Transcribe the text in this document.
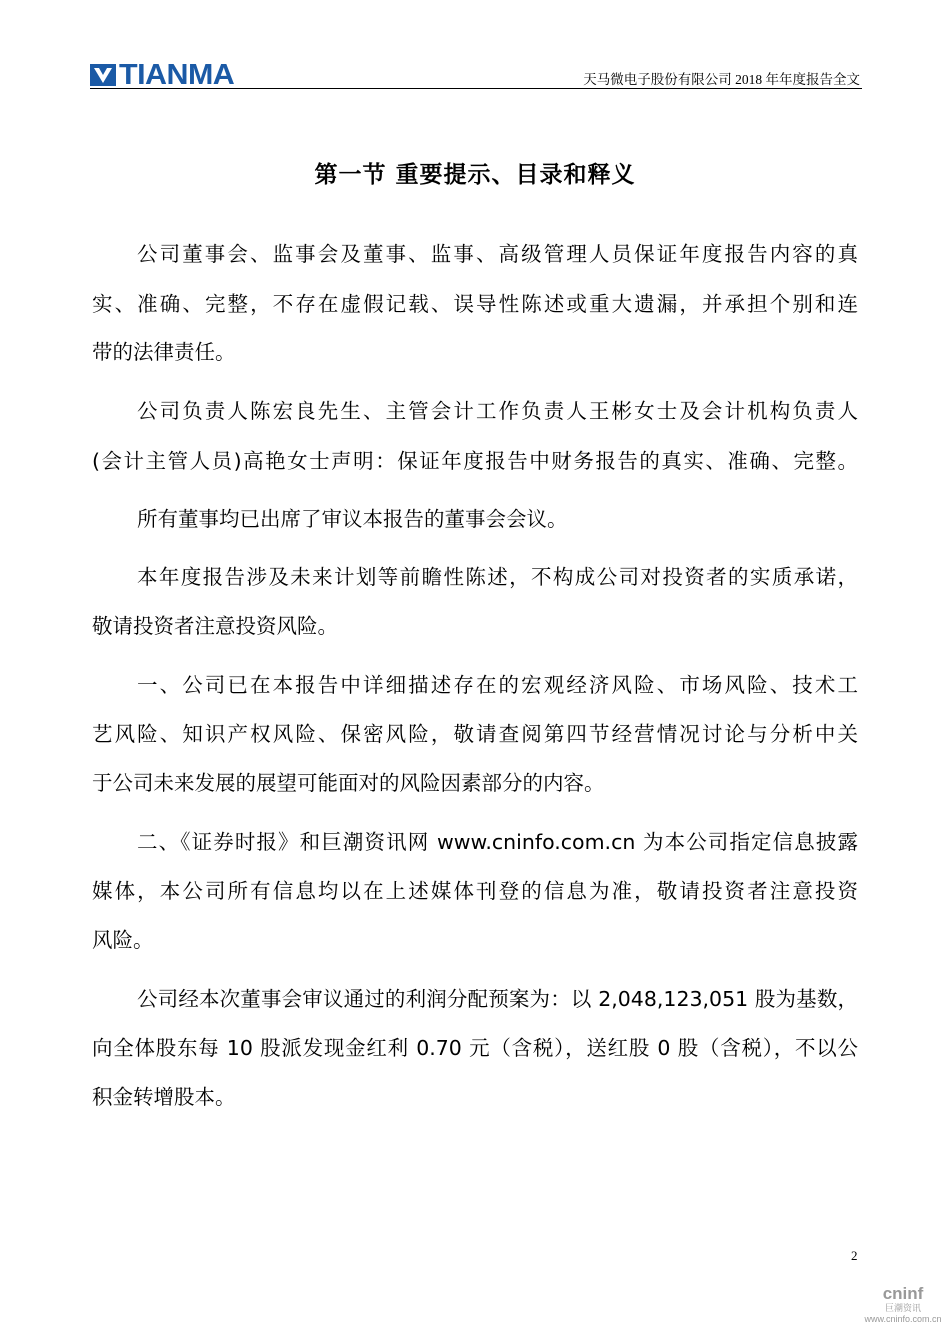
TIANMA	天马微电子股份有限公司 2018 年年度报告全文
第一节 重要提示、目录和释义
公司董事会、监事会及董事、监事、高级管理人员保证年度报告内容的真
实、准确、完整，不存在虚假记载、误导性陈述或重大遗漏，并承担个别和连
带的法律责任。
公司负责人陈宏良先生、主管会计工作负责人王彬女士及会计机构负责人
(会计主管人员)高艳女士声明：保证年度报告中财务报告的真实、准确、完整。
所有董事均已出席了审议本报告的董事会会议。
本年度报告涉及未来计划等前瞻性陈述，不构成公司对投资者的实质承诺，
敬请投资者注意投资风险。
一、公司已在本报告中详细描述存在的宏观经济风险、市场风险、技术工
艺风险、知识产权风险、保密风险，敬请查阅第四节经营情况讨论与分析中关
于公司未来发展的展望可能面对的风险因素部分的内容。
二、《证券时报》和巨潮资讯网 www.cninfo.com.cn 为本公司指定信息披露
媒体，本公司所有信息均以在上述媒体刊登的信息为准，敬请投资者注意投资
风险。
公司经本次董事会审议通过的利润分配预案为：以 2,048,123,051 股为基数，
向全体股东每 10 股派发现金红利 0.70 元（含税），送红股 0 股（含税），不以公
积金转增股本。
2
cninf
巨潮资讯
www.cninfo.com.cn
